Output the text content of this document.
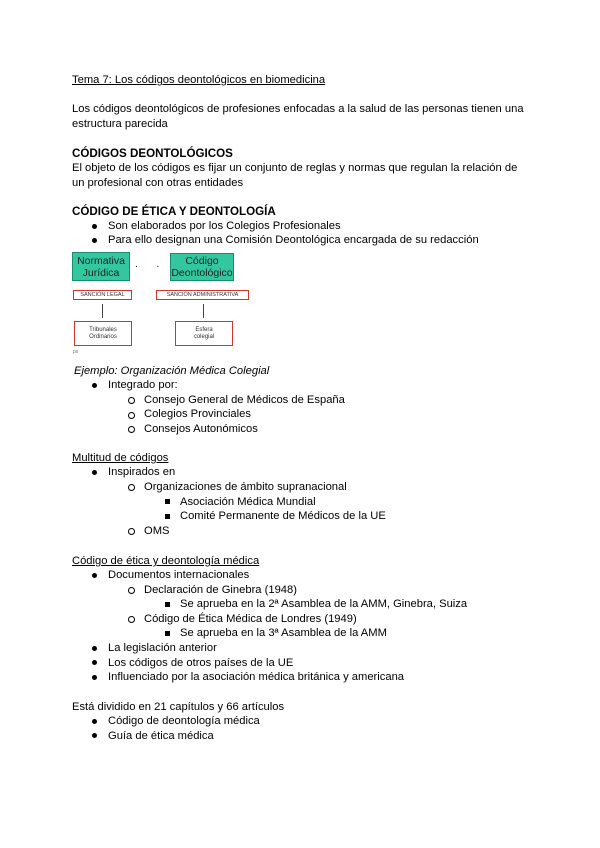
Tema 7: Los códigos deontológicos en biomedicina
Los códigos deontológicos de profesiones enfocadas a la salud de las personas tienen una
estructura parecida
CÓDIGOS DEONTOLÓGICOS
El objeto de los códigos es fijar un conjunto de reglas y normas que regulan la relación de
un profesional con otras entidades
CÓDIGO DE ÉTICA Y DEONTOLOGÍA
Son elaborados por los Colegios Profesionales
Para ello designan una Comisión Deontológica encargada de su redacción
Normativa
Jurídica
. .	Código
Deontológico
SANCIÓN LEGAL	SANCIÓN ADMINISTRATIVA
Tribunales
Ordinarios
Esfera
colegial
ps
Ejemplo: Organización Médica Colegial
Integrado por:
Consejo General de Médicos de España
Colegios Provinciales
Consejos Autonómicos
Multitud de códigos
Inspirados en
Organizaciones de ámbito supranacional
Asociación Médica Mundial
Comité Permanente de Médicos de la UE
OMS
Código de ética y deontología médica
Documentos internacionales
Declaración de Ginebra (1948)
Se aprueba en la 2ª Asamblea de la AMM, Ginebra, Suiza
Código de Ética Médica de Londres (1949)
Se aprueba en la 3ª Asamblea de la AMM
La legislación anterior
Los códigos de otros países de la UE
Influenciado por la asociación médica británica y americana
Está dividido en 21 capítulos y 66 artículos
Código de deontología médica
Guía de ética médica
